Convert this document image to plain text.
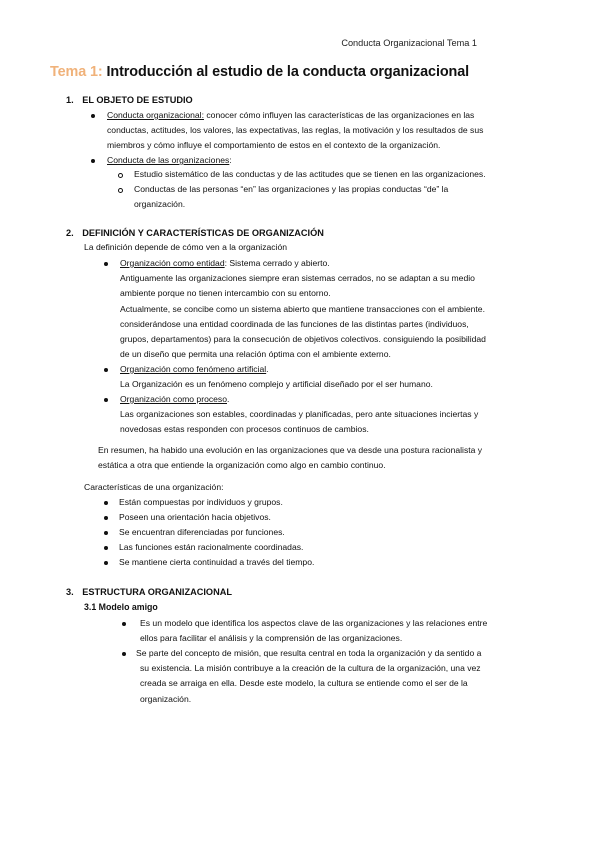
Conducta Organizacional Tema 1
Tema 1: Introducción al estudio de la conducta organizacional
1. EL OBJETO DE ESTUDIO
Conducta organizacional: conocer cómo influyen las características de las organizaciones en las
conductas, actitudes, los valores, las expectativas, las reglas, la motivación y los resultados de sus
miembros y cómo influye el comportamiento de estos en el contexto de la organización.
Conducta de las organizaciones:
Estudio sistemático de las conductas y de las actitudes que se tienen en las organizaciones.
Conductas de las personas “en” las organizaciones y las propias conductas “de” la
organización.
2. DEFINICIÓN Y CARACTERÍSTICAS DE ORGANIZACIÓN
La definición depende de cómo ven a la organización
Organización como entidad: Sistema cerrado y abierto.
Antiguamente las organizaciones siempre eran sistemas cerrados, no se adaptan a su medio
ambiente porque no tienen intercambio con su entorno.
Actualmente, se concibe como un sistema abierto que mantiene transacciones con el ambiente.
considerándose una entidad coordinada de las funciones de las distintas partes (individuos,
grupos, departamentos) para la consecución de objetivos colectivos. consiguiendo la posibilidad
de un diseño que permita una relación óptima con el ambiente externo.
Organización como fenómeno artificial.
La Organización es un fenómeno complejo y artificial diseñado por el ser humano.
Organización como proceso.
Las organizaciones son estables, coordinadas y planificadas, pero ante situaciones inciertas y
novedosas estas responden con procesos continuos de cambios.
En resumen, ha habido una evolución en las organizaciones que va desde una postura racionalista y
estática a otra que entiende la organización como algo en cambio continuo.
Características de una organización:
Están compuestas por individuos y grupos.
Poseen una orientación hacia objetivos.
Se encuentran diferenciadas por funciones.
Las funciones están racionalmente coordinadas.
Se mantiene cierta continuidad a través del tiempo.
3. ESTRUCTURA ORGANIZACIONAL
3.1 Modelo amigo
Es un modelo que identifica los aspectos clave de las organizaciones y las relaciones entre
ellos para facilitar el análisis y la comprensión de las organizaciones.
Se parte del concepto de misión, que resulta central en toda la organización y da sentido a
su existencia. La misión contribuye a la creación de la cultura de la organización, una vez
creada se arraiga en ella. Desde este modelo, la cultura se entiende como el ser de la
organización.
